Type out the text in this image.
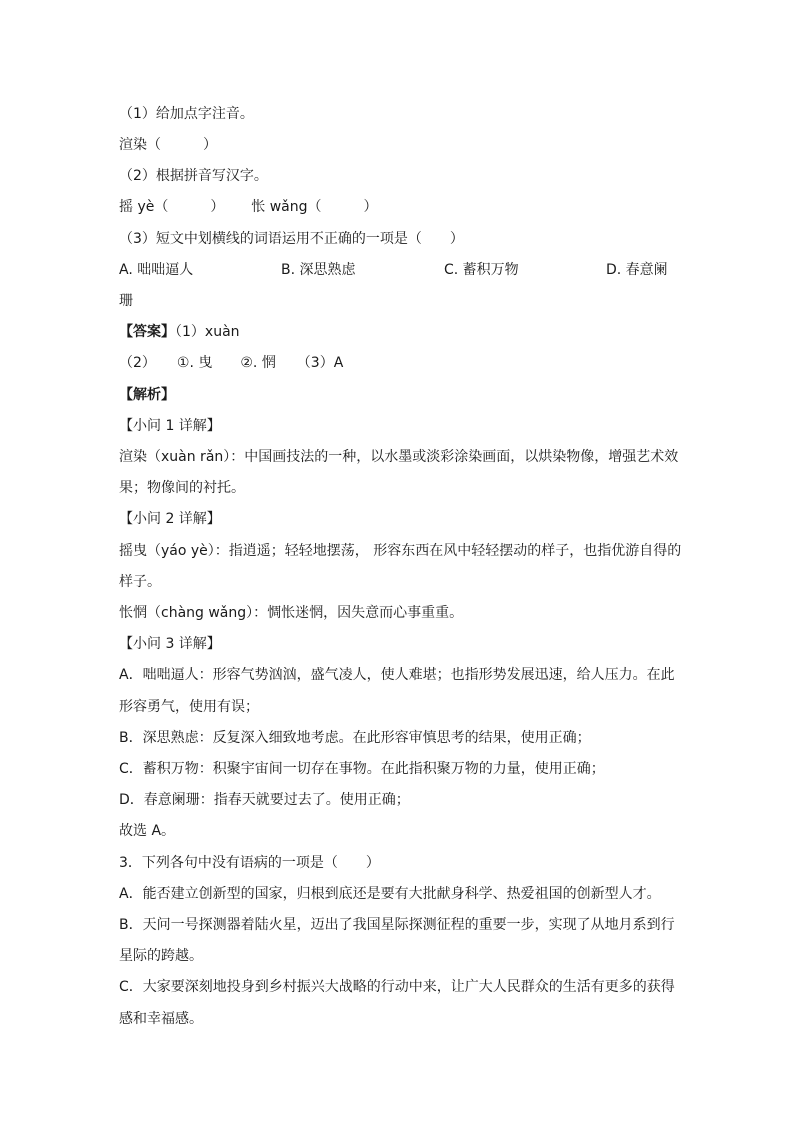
（1）给加点字注音。
渲染（　　　）
（2）根据拼音写汉字。
摇 yè（　　　） 怅 wǎng（　　　）
（3）短文中划横线的词语运用不正确的一项是（　　）
A. 咄咄逼人	B. 深思熟虑	C. 蓄积万物	D. 春意阑
珊
【答案】（1）xuàn
（2）　　①. 曳　　②. 惘　　（3）A
【解析】
【小问 1 详解】
渲染（xuàn rǎn）：中国画技法的一种，以水墨或淡彩涂染画面，以烘染物像，增强艺术效
果；物像间的衬托。
【小问 2 详解】
摇曳（yáo yè）：指逍遥；轻轻地摆荡， 形容东西在风中轻轻摆动的样子，也指优游自得的
样子。
怅惘（chàng wǎng）：惆怅迷惘，因失意而心事重重。
【小问 3 详解】
A．咄咄逼人：形容气势汹汹，盛气凌人，使人难堪；也指形势发展迅速，给人压力。在此
形容勇气，使用有误；
B．深思熟虑：反复深入细致地考虑。在此形容审慎思考的结果，使用正确；
C．蓄积万物：积聚宇宙间一切存在事物。在此指积聚万物的力量，使用正确；
D．春意阑珊：指春天就要过去了。使用正确；
故选 A。
3．下列各句中没有语病的一项是（　　）
A．能否建立创新型的国家，归根到底还是要有大批献身科学、热爱祖国的创新型人才。
B．天问一号探测器着陆火星，迈出了我国星际探测征程的重要一步，实现了从地月系到行
星际的跨越。
C．大家要深刻地投身到乡村振兴大战略的行动中来，让广大人民群众的生活有更多的获得
感和幸福感。
